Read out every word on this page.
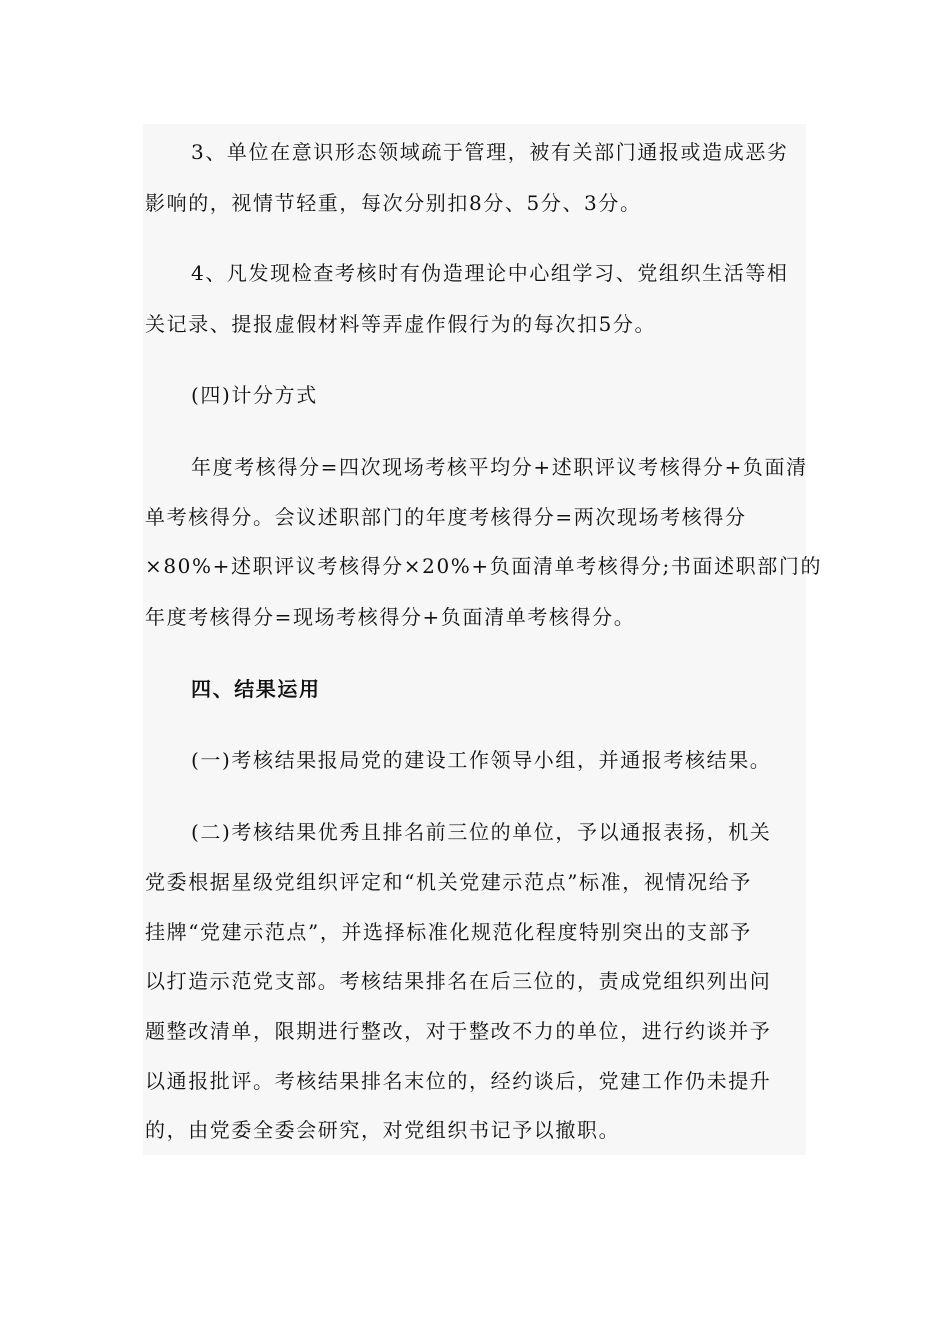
3、单位在意识形态领域疏于管理，被有关部门通报或造成恶劣
影响的，视情节轻重，每次分别扣8分、5分、3分。
4、凡发现检查考核时有伪造理论中心组学习、党组织生活等相
关记录、提报虚假材料等弄虚作假行为的每次扣5分。
(四)计分方式
年度考核得分=四次现场考核平均分+述职评议考核得分+负面清
单考核得分。会议述职部门的年度考核得分=两次现场考核得分
×80%+述职评议考核得分×20%+负面清单考核得分;书面述职部门的
年度考核得分=现场考核得分+负面清单考核得分。
四、结果运用
(一)考核结果报局党的建设工作领导小组，并通报考核结果。
(二)考核结果优秀且排名前三位的单位，予以通报表扬，机关
党委根据星级党组织评定和“机关党建示范点”标准，视情况给予
挂牌“党建示范点”，并选择标准化规范化程度特别突出的支部予
以打造示范党支部。考核结果排名在后三位的，责成党组织列出问
题整改清单，限期进行整改，对于整改不力的单位，进行约谈并予
以通报批评。考核结果排名末位的，经约谈后，党建工作仍未提升
的，由党委全委会研究，对党组织书记予以撤职。
